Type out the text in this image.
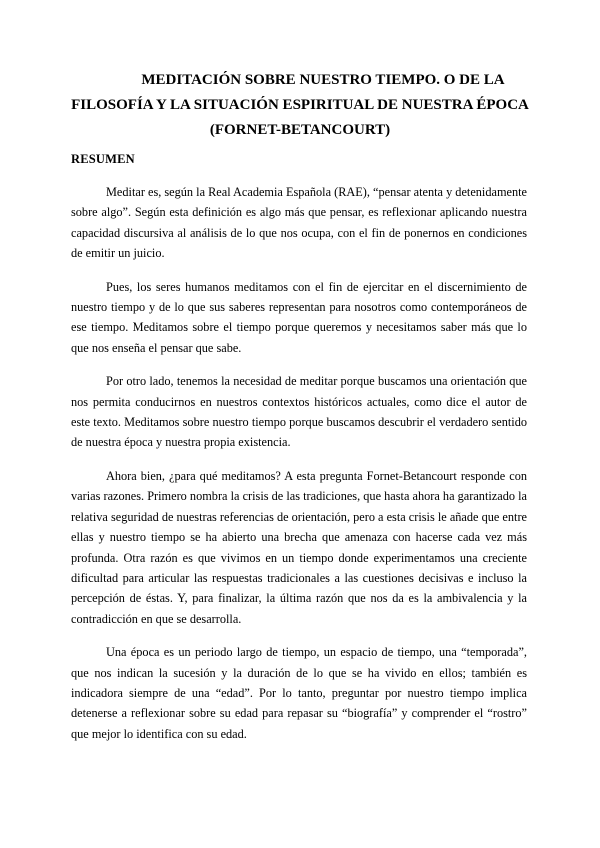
MEDITACIÓN SOBRE NUESTRO TIEMPO. O DE LA
FILOSOFÍA Y LA SITUACIÓN ESPIRITUAL DE NUESTRA ÉPOCA
(FORNET-BETANCOURT)
RESUMEN

Meditar es, según la Real Academia Española (RAE), “pensar atenta y detenidamente sobre algo”. Según esta definición es algo más que pensar, es reflexionar aplicando nuestra capacidad discursiva al análisis de lo que nos ocupa, con el fin de ponernos en condiciones de emitir un juicio.

Pues, los seres humanos meditamos con el fin de ejercitar en el discernimiento de nuestro tiempo y de lo que sus saberes representan para nosotros como contemporáneos de ese tiempo. Meditamos sobre el tiempo porque queremos y necesitamos saber más que lo que nos enseña el pensar que sabe.

Por otro lado, tenemos la necesidad de meditar porque buscamos una orientación que nos permita conducirnos en nuestros contextos históricos actuales, como dice el autor de este texto. Meditamos sobre nuestro tiempo porque buscamos descubrir el verdadero sentido de nuestra época y nuestra propia existencia.

Ahora bien, ¿para qué meditamos? A esta pregunta Fornet-Betancourt responde con varias razones. Primero nombra la crisis de las tradiciones, que hasta ahora ha garantizado la relativa seguridad de nuestras referencias de orientación, pero a esta crisis le añade que entre ellas y nuestro tiempo se ha abierto una brecha que amenaza con hacerse cada vez más profunda. Otra razón es que vivimos en un tiempo donde experimentamos una creciente dificultad para articular las respuestas tradicionales a las cuestiones decisivas e incluso la percepción de éstas. Y, para finalizar, la última razón que nos da es la ambivalencia y la contradicción en que se desarrolla.

Una época es un periodo largo de tiempo, un espacio de tiempo, una “temporada”, que nos indican la sucesión y la duración de lo que se ha vivido en ellos; también es indicadora siempre de una “edad”. Por lo tanto, preguntar por nuestro tiempo implica detenerse a reflexionar sobre su edad para repasar su “biografía” y comprender el “rostro” que mejor lo identifica con su edad.
